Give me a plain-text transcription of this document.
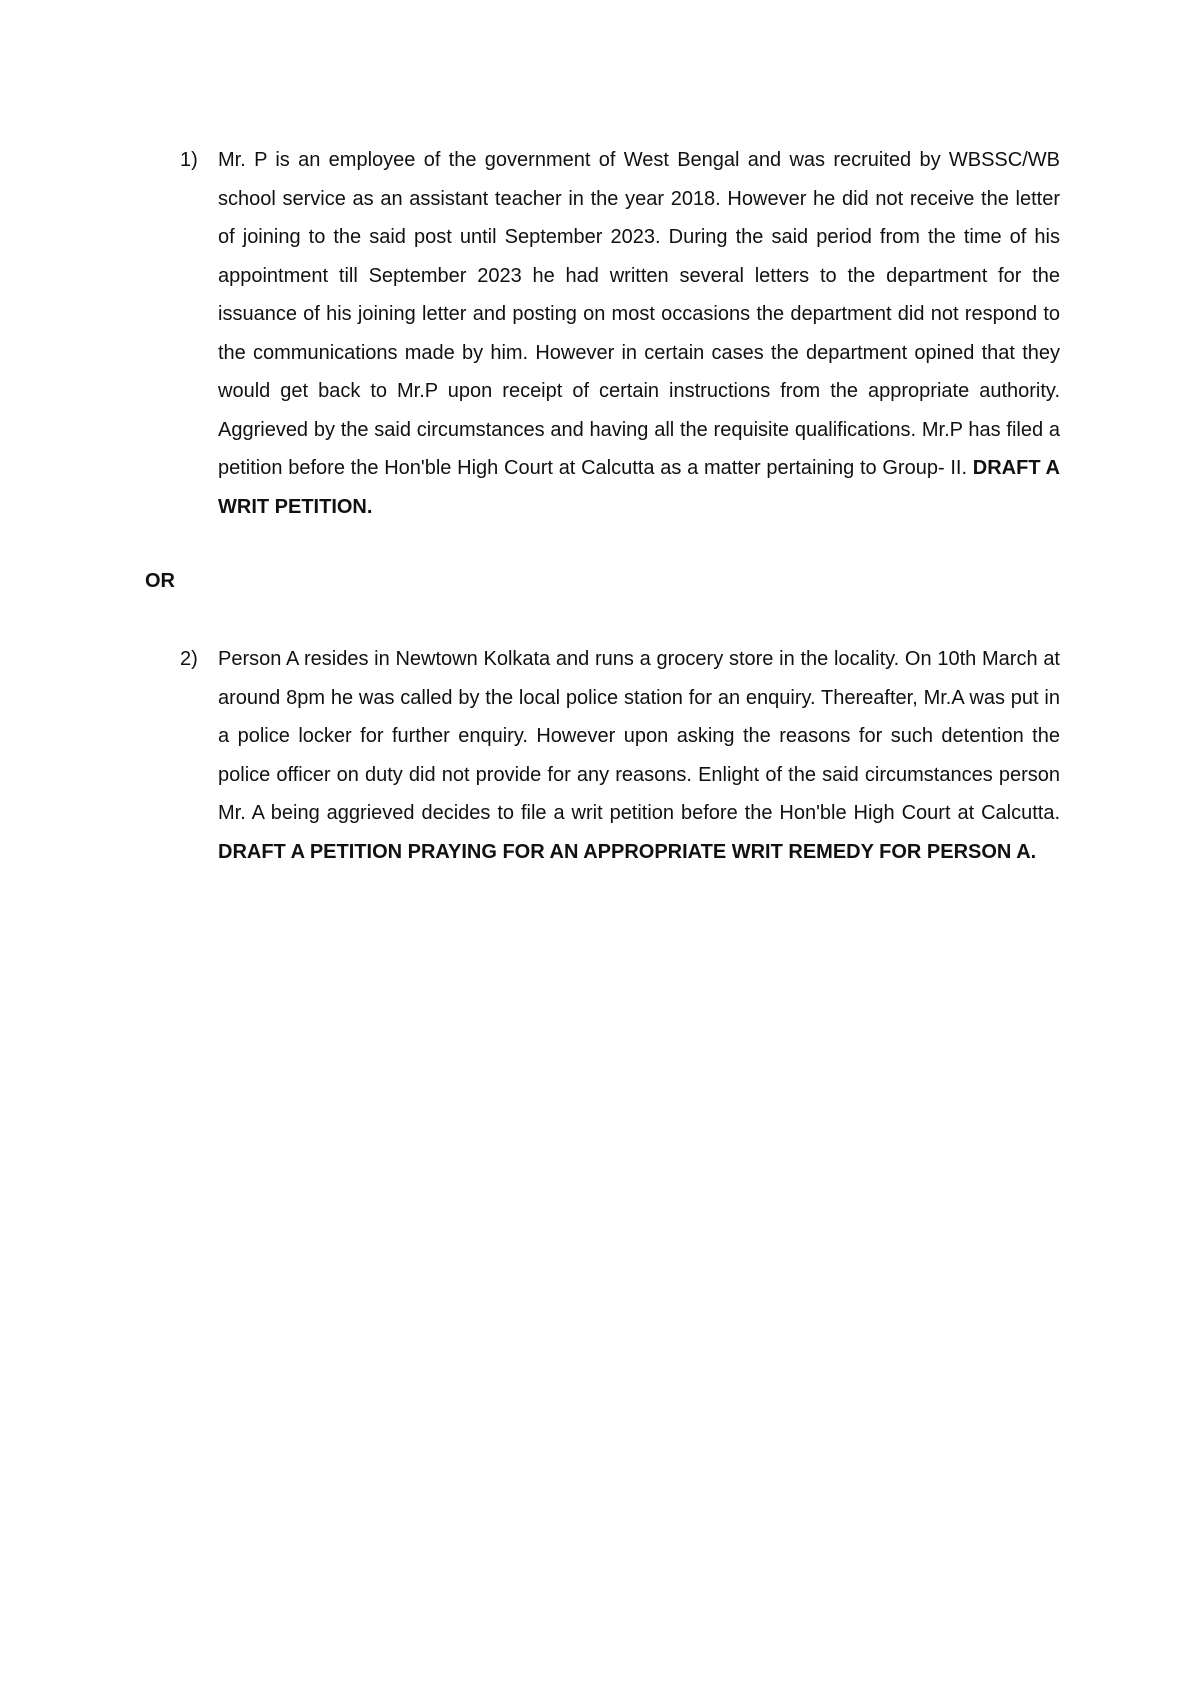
1)	Mr. P is an employee of the government of West Bengal and was recruited by WBSSC/WB school service as an assistant teacher in the year 2018. However he did not receive the letter of joining to the said post until September 2023. During the said period from the time of his appointment till September 2023 he had written several letters to the department for the issuance of his joining letter and posting on most occasions the department did not respond to the communications made by him. However in certain cases the department opined that they would get back to Mr.P upon receipt of certain instructions from the appropriate authority. Aggrieved by the said circumstances and having all the requisite qualifications. Mr.P has filed a petition before the Hon'ble High Court at Calcutta as a matter pertaining to Group- II. DRAFT A WRIT PETITION.

OR
2)	Person A resides in Newtown Kolkata and runs a grocery store in the locality. On 10th March at around 8pm he was called by the local police station for an enquiry. Thereafter, Mr.A was put in a police locker for further enquiry. However upon asking the reasons for such detention the police officer on duty did not provide for any reasons. Enlight of the said circumstances person Mr. A being aggrieved decides to file a writ petition before the Hon'ble High Court at Calcutta. DRAFT A PETITION PRAYING FOR AN APPROPRIATE WRIT REMEDY FOR PERSON A.
